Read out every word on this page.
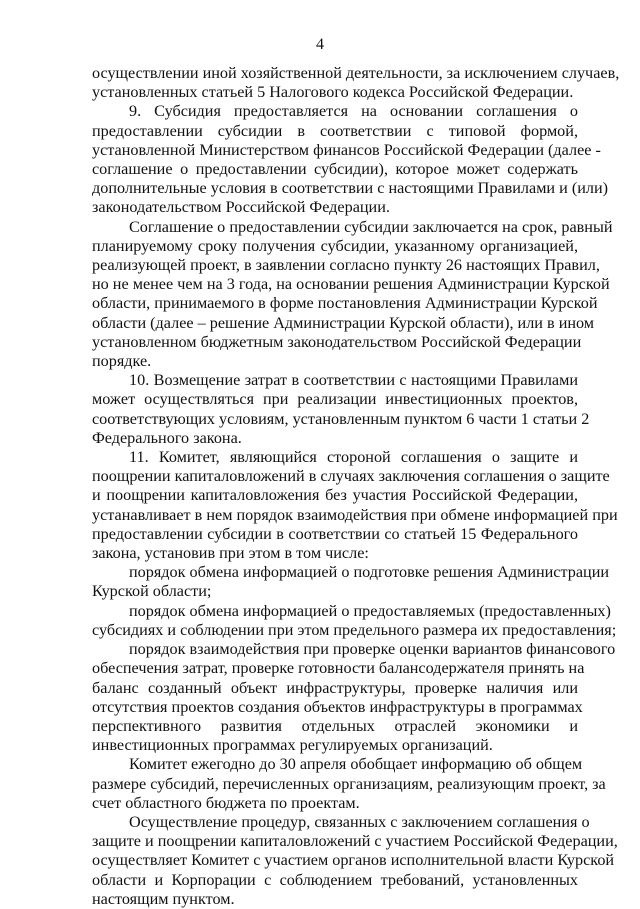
4

осуществлении иной хозяйственной деятельности, за исключением случаев,
установленных статьей 5 Налогового кодекса Российской Федерации.

9. Субсидия предоставляется на основании соглашения о
предоставлении субсидии в соответствии с типовой формой,
установленной Министерством финансов Российской Федерации (далее -
соглашение о предоставлении субсидии), которое может содержать
дополнительные условия в соответствии с настоящими Правилами и (или)
законодательством Российской Федерации.

Соглашение о предоставлении субсидии заключается на срок, равный
планируемому сроку получения субсидии, указанному организацией,
реализующей проект, в заявлении согласно пункту 26 настоящих Правил,
но не менее чем на 3 года, на основании решения Администрации Курской
области, принимаемого в форме постановления Администрации Курской
области (далее – решение Администрации Курской области), или в ином
установленном бюджетным законодательством Российской Федерации
порядке.

10. Возмещение затрат в соответствии с настоящими Правилами
может осуществляться при реализации инвестиционных проектов,
соответствующих условиям, установленным пунктом 6 части 1 статьи 2
Федерального закона.

11. Комитет, являющийся стороной соглашения о защите и
поощрении капиталовложений в случаях заключения соглашения о защите
и поощрении капиталовложения без участия Российской Федерации,
устанавливает в нем порядок взаимодействия при обмене информацией при
предоставлении субсидии в соответствии со статьей 15 Федерального
закона, установив при этом в том числе:

порядок обмена информацией о подготовке решения Администрации
Курской области;

порядок обмена информацией о предоставляемых (предоставленных)
субсидиях и соблюдении при этом предельного размера их предоставления;

порядок взаимодействия при проверке оценки вариантов финансового
обеспечения затрат, проверке готовности балансодержателя принять на
баланс созданный объект инфраструктуры, проверке наличия или
отсутствия проектов создания объектов инфраструктуры в программах
перспективного развития отдельных отраслей экономики и
инвестиционных программах регулируемых организаций.

Комитет ежегодно до 30 апреля обобщает информацию об общем
размере субсидий, перечисленных организациям, реализующим проект, за
счет областного бюджета по проектам.

Осуществление процедур, связанных с заключением соглашения о
защите и поощрении капиталовложений с участием Российской Федерации,
осуществляет Комитет с участием органов исполнительной власти Курской
области и Корпорации с соблюдением требований, установленных
настоящим пунктом.
